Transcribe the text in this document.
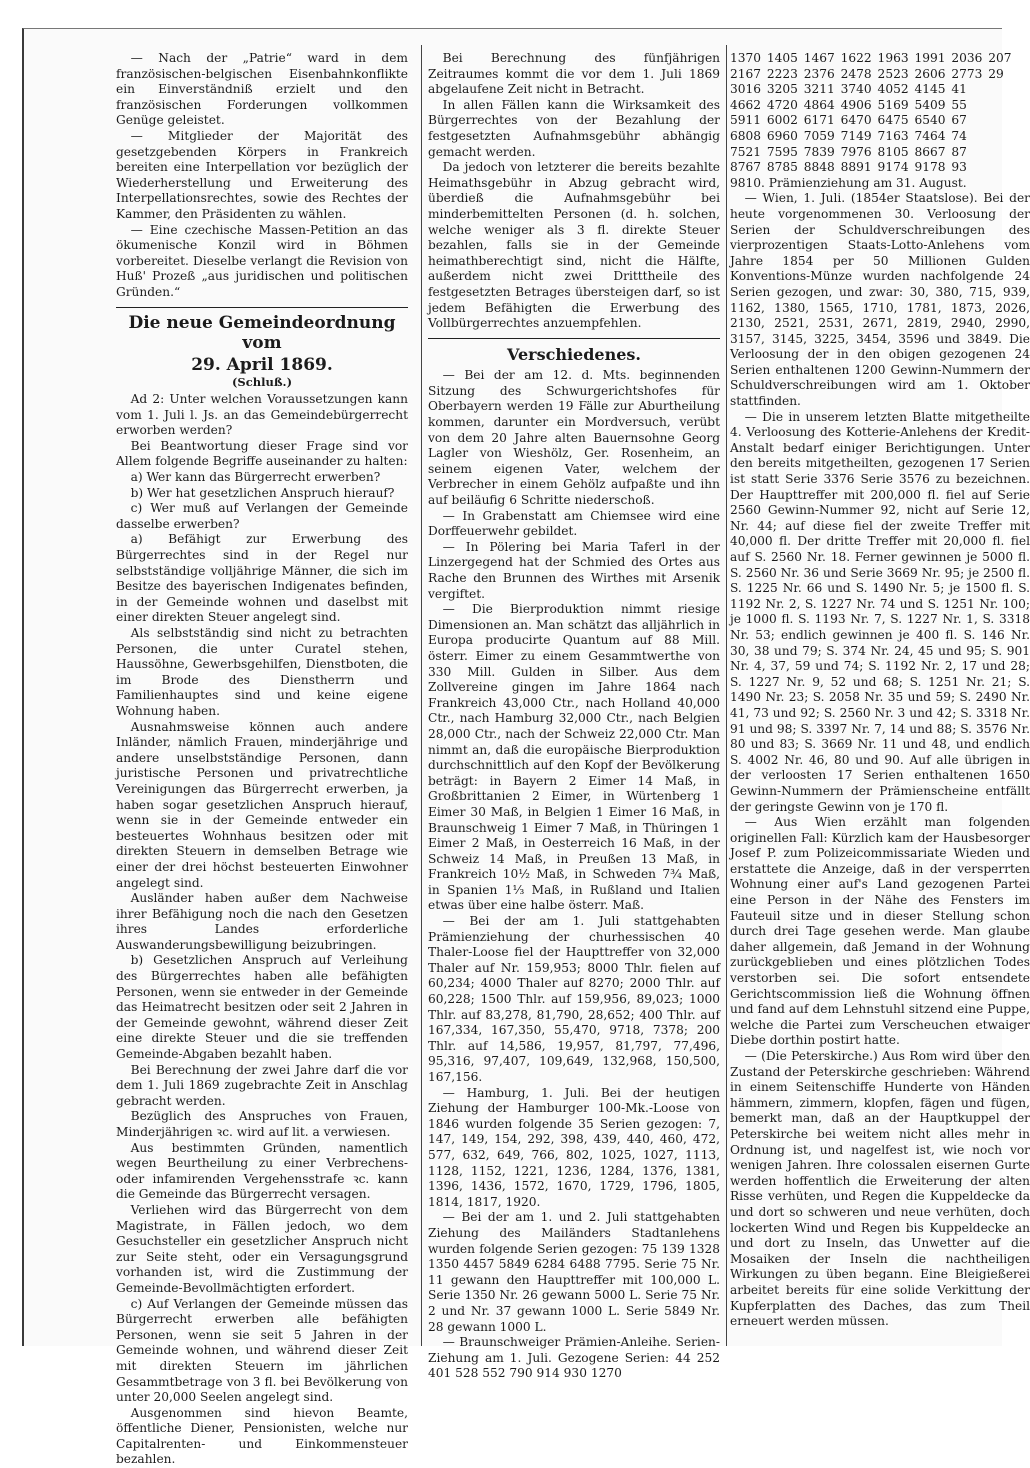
— Nach der „Patrie“ ward in dem französischen-belgischen Eisenbahnkonflikte ein Einverständniß erzielt und den französischen Forderungen vollkommen Genüge geleistet.

— Mitglieder der Majorität des gesetzgebenden Körpers in Frankreich bereiten eine Interpellation vor bezüglich der Wiederherstellung und Erweiterung des Interpellationsrechtes, sowie des Rechtes der Kammer, den Präsidenten zu wählen.

— Eine czechische Massen-Petition an das ökumenische Konzil wird in Böhmen vorbereitet. Dieselbe verlangt die Revision von Huß' Prozeß „aus juridischen und politischen Gründen.“

Die neue Gemeindeordnung vom
29. April 1869.
(Schluß.)

Ad 2: Unter welchen Voraussetzungen kann vom 1. Juli l. Js. an das Gemeindebürgerrecht erworben werden?

Bei Beantwortung dieser Frage sind vor Allem folgende Begriffe auseinander zu halten:

a) Wer kann das Bürgerrecht erwerben?

b) Wer hat gesetzlichen Anspruch hierauf?

c) Wer muß auf Verlangen der Gemeinde dasselbe erwerben?

a) Befähigt zur Erwerbung des Bürgerrechtes sind in der Regel nur selbstständige volljährige Männer, die sich im Besitze des bayerischen Indigenates befinden, in der Gemeinde wohnen und daselbst mit einer direkten Steuer angelegt sind.

Als selbstständig sind nicht zu betrachten Personen, die unter Curatel stehen, Haussöhne, Gewerbsgehilfen, Dienstboten, die im Brode des Dienstherrn und Familienhauptes sind und keine eigene Wohnung haben.

Ausnahmsweise können auch andere Inländer, nämlich Frauen, minderjährige und andere unselbstständige Personen, dann juristische Personen und privatrechtliche Vereinigungen das Bürgerrecht erwerben, ja haben sogar gesetzlichen Anspruch hierauf, wenn sie in der Gemeinde entweder ein besteuertes Wohnhaus besitzen oder mit direkten Steuern in demselben Betrage wie einer der drei höchst besteuerten Einwohner angelegt sind.

Ausländer haben außer dem Nachweise ihrer Befähigung noch die nach den Gesetzen ihres Landes erforderliche Auswanderungsbewilligung beizubringen.

b) Gesetzlichen Anspruch auf Verleihung des Bürgerrechtes haben alle befähigten Personen, wenn sie entweder in der Gemeinde das Heimatrecht besitzen oder seit 2 Jahren in der Gemeinde gewohnt, während dieser Zeit eine direkte Steuer und die sie treffenden Gemeinde-Abgaben bezahlt haben.

Bei Berechnung der zwei Jahre darf die vor dem 1. Juli 1869 zugebrachte Zeit in Anschlag gebracht werden.

Bezüglich des Anspruches von Frauen, Minderjährigen ꝛc. wird auf lit. a verwiesen.

Aus bestimmten Gründen, namentlich wegen Beurtheilung zu einer Verbrechens- oder infamirenden Vergehensstrafe ꝛc. kann die Gemeinde das Bürgerrecht versagen.

Verliehen wird das Bürgerrecht von dem Magistrate, in Fällen jedoch, wo dem Gesuchsteller ein gesetzlicher Anspruch nicht zur Seite steht, oder ein Versagungsgrund vorhanden ist, wird die Zustimmung der Gemeinde-Bevollmächtigten erfordert.

c) Auf Verlangen der Gemeinde müssen das Bürgerrecht erwerben alle befähigten Personen, wenn sie seit 5 Jahren in der Gemeinde wohnen, und während dieser Zeit mit direkten Steuern im jährlichen Gesammtbetrage von 3 fl. bei Bevölkerung von unter 20,000 Seelen angelegt sind.

Ausgenommen sind hievon Beamte, öffentliche Diener, Pensionisten, welche nur Capitalrenten- und Einkommensteuer bezahlen.

Bei Berechnung des fünfjährigen Zeitraumes kommt die vor dem 1. Juli 1869 abgelaufene Zeit nicht in Betracht.

In allen Fällen kann die Wirksamkeit des Bürgerrechtes von der Bezahlung der festgesetzten Aufnahmsgebühr abhängig gemacht werden.

Da jedoch von letzterer die bereits bezahlte Heimathsgebühr in Abzug gebracht wird, überdieß die Aufnahmsgebühr bei minderbemittelten Personen (d. h. solchen, welche weniger als 3 fl. direkte Steuer bezahlen, falls sie in der Gemeinde heimathberechtigt sind, nicht die Hälfte, außerdem nicht zwei Dritttheile des festgesetzten Betrages übersteigen darf, so ist jedem Befähigten die Erwerbung des Vollbürgerrechtes anzuempfehlen.

Verschiedenes.

— Bei der am 12. d. Mts. beginnenden Sitzung des Schwurgerichtshofes für Oberbayern werden 19 Fälle zur Aburtheilung kommen, darunter ein Mordversuch, verübt von dem 20 Jahre alten Bauernsohne Georg Lagler von Wieshölz, Ger. Rosenheim, an seinem eigenen Vater, welchem der Verbrecher in einem Gehölz aufpaßte und ihn auf beiläufig 6 Schritte niederschoß.

— In Grabenstatt am Chiemsee wird eine Dorffeuerwehr gebildet.

— In Pölering bei Maria Taferl in der Linzergegend hat der Schmied des Ortes aus Rache den Brunnen des Wirthes mit Arsenik vergiftet.

— Die Bierproduktion nimmt riesige Dimensionen an. Man schätzt das alljährlich in Europa producirte Quantum auf 88 Mill. österr. Eimer zu einem Gesammtwerthe von 330 Mill. Gulden in Silber. Aus dem Zollvereine gingen im Jahre 1864 nach Frankreich 43,000 Ctr., nach Holland 40,000 Ctr., nach Hamburg 32,000 Ctr., nach Belgien 28,000 Ctr., nach der Schweiz 22,000 Ctr. Man nimmt an, daß die europäische Bierproduktion durchschnittlich auf den Kopf der Bevölkerung beträgt: in Bayern 2 Eimer 14 Maß, in Großbrittanien 2 Eimer, in Würtenberg 1 Eimer 30 Maß, in Belgien 1 Eimer 16 Maß, in Braunschweig 1 Eimer 7 Maß, in Thüringen 1 Eimer 2 Maß, in Oesterreich 16 Maß, in der Schweiz 14 Maß, in Preußen 13 Maß, in Frankreich 10½ Maß, in Schweden 7¾ Maß, in Spanien 1⅓ Maß, in Rußland und Italien etwas über eine halbe österr. Maß.

— Bei der am 1. Juli stattgehabten Prämienziehung der churhessischen 40 Thaler-Loose fiel der Haupttreffer von 32,000 Thaler auf Nr. 159,953; 8000 Thlr. fielen auf 60,234; 4000 Thaler auf 8270; 2000 Thlr. auf 60,228; 1500 Thlr. auf 159,956, 89,023; 1000 Thlr. auf 83,278, 81,790, 28,652; 400 Thlr. auf 167,334, 167,350, 55,470, 9718, 7378; 200 Thlr. auf 14,586, 19,957, 81,797, 77,496, 95,316, 97,407, 109,649, 132,968, 150,500, 167,156.

— Hamburg, 1. Juli. Bei der heutigen Ziehung der Hamburger 100-Mk.-Loose von 1846 wurden folgende 35 Serien gezogen: 7, 147, 149, 154, 292, 398, 439, 440, 460, 472, 577, 632, 649, 766, 802, 1025, 1027, 1113, 1128, 1152, 1221, 1236, 1284, 1376, 1381, 1396, 1436, 1572, 1670, 1729, 1796, 1805, 1814, 1817, 1920.

— Bei der am 1. und 2. Juli stattgehabten Ziehung des Mailänders Stadtanlehens wurden folgende Serien gezogen: 75 139 1328 1350 4457 5849 6284 6488 7795. Serie 75 Nr. 11 gewann den Haupttreffer mit 100,000 L. Serie 1350 Nr. 26 gewann 5000 L. Serie 75 Nr. 2 und Nr. 37 gewann 1000 L. Serie 5849 Nr. 28 gewann 1000 L.

— Braunschweiger Prämien-Anleihe. Serien-Ziehung am 1. Juli. Gezogene Serien: 44 252 401 528 552 790 914 930 1270

1370 1405 1467 1622 1963 1991 2036 207

2167 2223 2376 2478 2523 2606 2773 29

3016 3205 3211 3740 4052 4145 41

4662 4720 4864 4906 5169 5409 55

5911 6002 6171 6470 6475 6540 67

6808 6960 7059 7149 7163 7464 74

7521 7595 7839 7976 8105 8667 87

8767 8785 8848 8891 9174 9178 93

9810. Prämienziehung am 31. August.

— Wien, 1. Juli. (1854er Staatslose). Bei der heute vorgenommenen 30. Verloosung der Serien der Schuldverschreibungen des vierprozentigen Staats-Lotto-Anlehens vom Jahre 1854 per 50 Millionen Gulden Konventions-Münze wurden nachfolgende 24 Serien gezogen, und zwar: 30, 380, 715, 939, 1162, 1380, 1565, 1710, 1781, 1873, 2026, 2130, 2521, 2531, 2671, 2819, 2940, 2990, 3157, 3145, 3225, 3454, 3596 und 3849. Die Verloosung der in den obigen gezogenen 24 Serien enthaltenen 1200 Gewinn-Nummern der Schuldverschreibungen wird am 1. Oktober stattfinden.

— Die in unserem letzten Blatte mitgetheilte 4. Verloosung des Kotterie-Anlehens der Kredit-Anstalt bedarf einiger Berichtigungen. Unter den bereits mitgetheilten, gezogenen 17 Serien ist statt Serie 3376 Serie 3576 zu bezeichnen. Der Haupttreffer mit 200,000 fl. fiel auf Serie 2560 Gewinn-Nummer 92, nicht auf Serie 12, Nr. 44; auf diese fiel der zweite Treffer mit 40,000 fl. Der dritte Treffer mit 20,000 fl. fiel auf S. 2560 Nr. 18. Ferner gewinnen je 5000 fl. S. 2560 Nr. 36 und Serie 3669 Nr. 95; je 2500 fl. S. 1225 Nr. 66 und S. 1490 Nr. 5; je 1500 fl. S. 1192 Nr. 2, S. 1227 Nr. 74 und S. 1251 Nr. 100; je 1000 fl. S. 1193 Nr. 7, S. 1227 Nr. 1, S. 3318 Nr. 53; endlich gewinnen je 400 fl. S. 146 Nr. 30, 38 und 79; S. 374 Nr. 24, 45 und 95; S. 901 Nr. 4, 37, 59 und 74; S. 1192 Nr. 2, 17 und 28; S. 1227 Nr. 9, 52 und 68; S. 1251 Nr. 21; S. 1490 Nr. 23; S. 2058 Nr. 35 und 59; S. 2490 Nr. 41, 73 und 92; S. 2560 Nr. 3 und 42; S. 3318 Nr. 91 und 98; S. 3397 Nr. 7, 14 und 88; S. 3576 Nr. 80 und 83; S. 3669 Nr. 11 und 48, und endlich S. 4002 Nr. 46, 80 und 90. Auf alle übrigen in der verloosten 17 Serien enthaltenen 1650 Gewinn-Nummern der Prämienscheine entfällt der geringste Gewinn von je 170 fl.

— Aus Wien erzählt man folgenden originellen Fall: Kürzlich kam der Hausbesorger Josef P. zum Polizeicommissariate Wieden und erstattete die Anzeige, daß in der versperrten Wohnung einer auf's Land gezogenen Partei eine Person in der Nähe des Fensters im Fauteuil sitze und in dieser Stellung schon durch drei Tage gesehen werde. Man glaube daher allgemein, daß Jemand in der Wohnung zurückgeblieben und eines plötzlichen Todes verstorben sei. Die sofort entsendete Gerichtscommission ließ die Wohnung öffnen und fand auf dem Lehnstuhl sitzend eine Puppe, welche die Partei zum Verscheuchen etwaiger Diebe dorthin postirt hatte.

— (Die Peterskirche.) Aus Rom wird über den Zustand der Peterskirche geschrieben: Während in einem Seitenschiffe Hunderte von Händen hämmern, zimmern, klopfen, fägen und fügen, bemerkt man, daß an der Hauptkuppel der Peterskirche bei weitem nicht alles mehr in Ordnung ist, und nagelfest ist, wie noch vor wenigen Jahren. Ihre colossalen eisernen Gurte werden hoffentlich die Erweiterung der alten Risse verhüten, und Regen die Kuppeldecke da und dort so schweren und neue verhüten, doch lockerten Wind und Regen bis Kuppeldecke an und dort zu Inseln, das Unwetter auf die Mosaiken der Inseln die nachtheiligen Wirkungen zu üben begann. Eine Bleigießerei arbeitet bereits für eine solide Verkittung der Kupferplatten des Daches, das zum Theil erneuert werden müssen.
